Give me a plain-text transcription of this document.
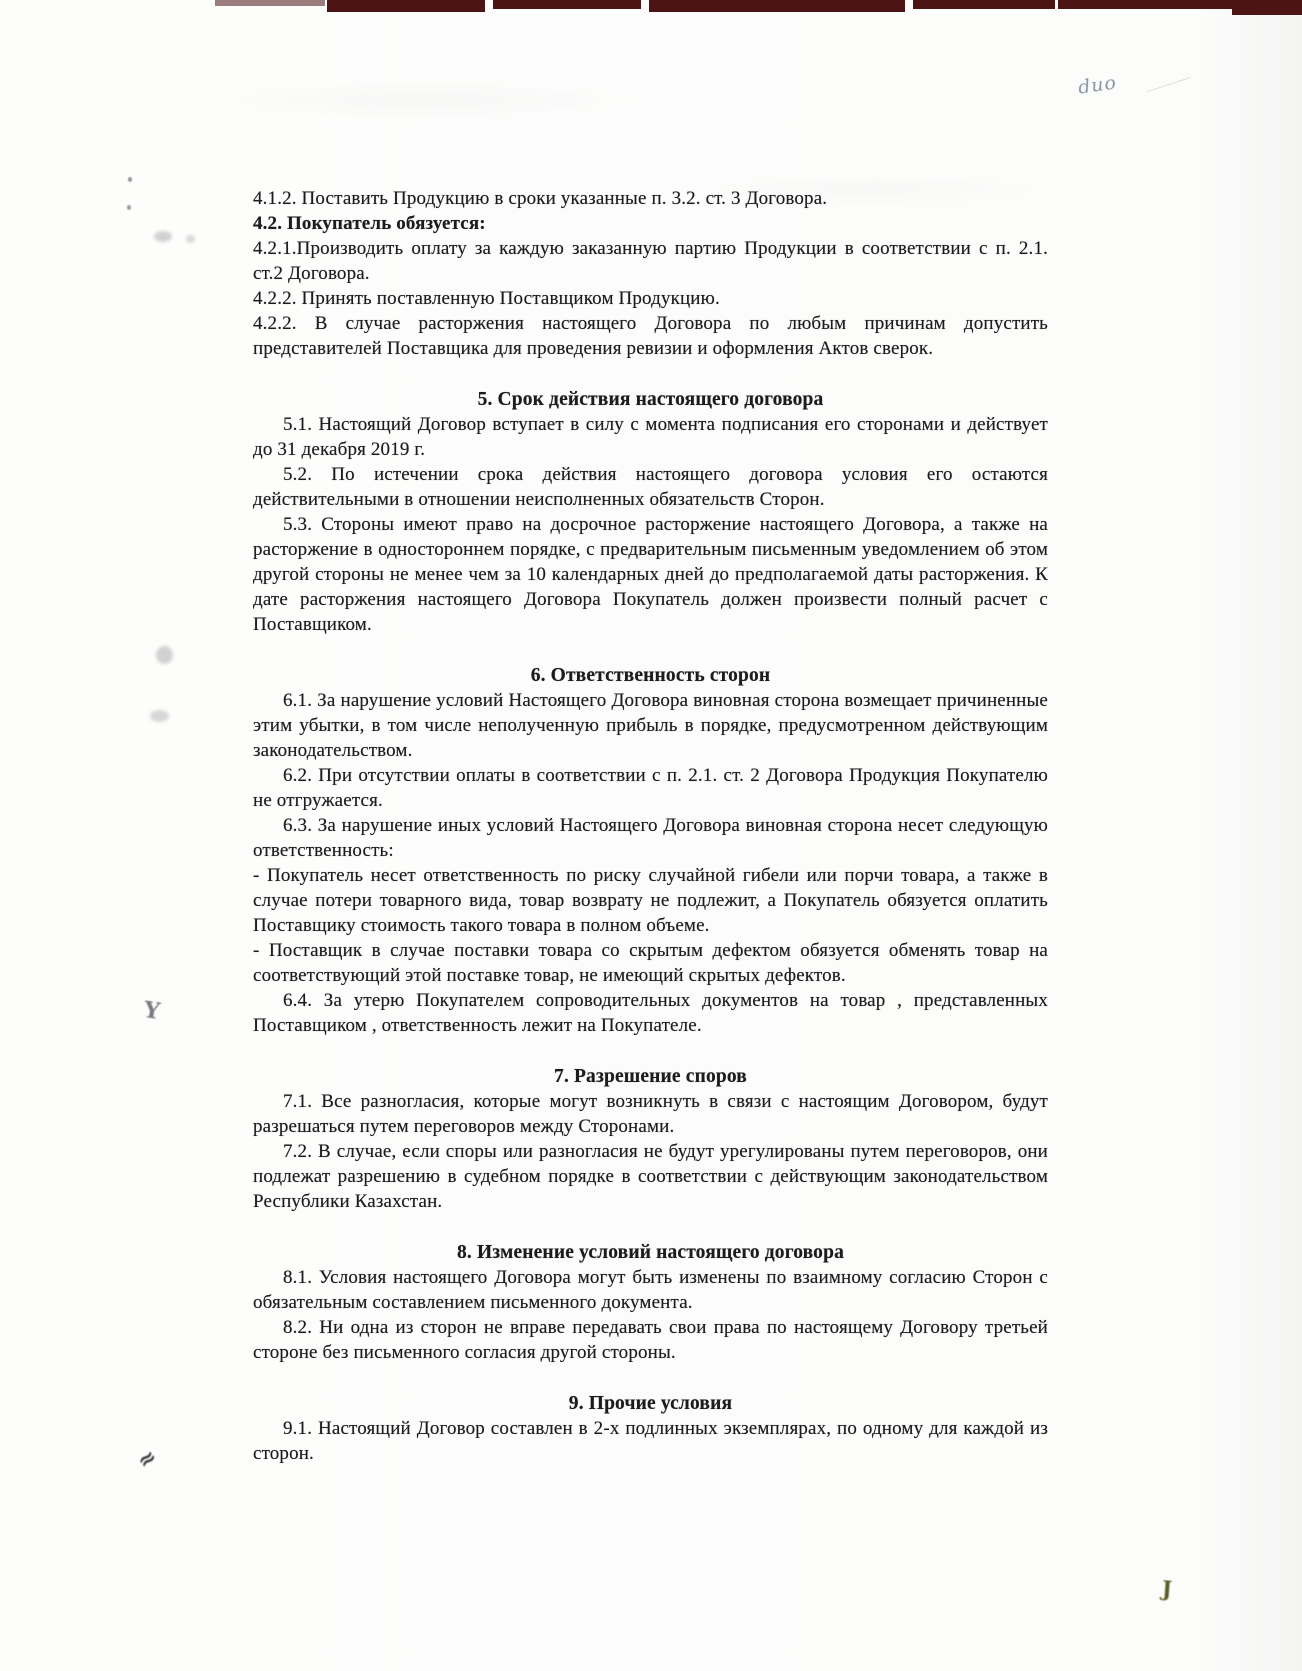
duo
Y
≈
J

4.1.2. Поставить Продукцию в сроки указанные п. 3.2. ст. 3 Договора.

4.2. Покупатель обязуется:

4.2.1.Производить оплату за каждую заказанную партию Продукции в соответствии с п. 2.1. ст.2 Договора.

4.2.2. Принять поставленную Поставщиком Продукцию.

4.2.2. В случае расторжения настоящего Договора по любым причинам допустить представителей Поставщика для проведения ревизии и оформления Актов сверок.

5. Срок действия настоящего договора

5.1. Настоящий Договор вступает в силу с момента подписания его сторонами и действует до 31 декабря 2019 г.

5.2. По истечении срока действия настоящего договора условия его остаются действительными в отношении неисполненных обязательств Сторон.

5.3. Стороны имеют право на досрочное расторжение настоящего Договора, а также на расторжение в одностороннем порядке, с предварительным письменным уведомлением об этом другой стороны не менее чем за 10 календарных дней до предполагаемой даты расторжения. К дате расторжения настоящего Договора Покупатель должен произвести полный расчет с Поставщиком.

6. Ответственность сторон

6.1. За нарушение условий Настоящего Договора виновная сторона возмещает причиненные этим убытки, в том числе неполученную прибыль в порядке, предусмотренном действующим законодательством.

6.2. При отсутствии оплаты в соответствии с п. 2.1. ст. 2 Договора Продукция Покупателю не отгружается.

6.3. За нарушение иных условий Настоящего Договора виновная сторона несет следующую ответственность:

- Покупатель несет ответственность по риску случайной гибели или порчи товара, а также в случае потери товарного вида, товар возврату не подлежит, а Покупатель обязуется оплатить Поставщику стоимость такого товара в полном объеме.

- Поставщик в случае поставки товара со скрытым дефектом обязуется обменять товар на соответствующий этой поставке товар, не имеющий скрытых дефектов.

6.4. За утерю Покупателем сопроводительных документов на товар , представленных Поставщиком , ответственность лежит на Покупателе.

7. Разрешение споров

7.1. Все разногласия, которые могут возникнуть в связи с настоящим Договором, будут разрешаться путем переговоров между Сторонами.

7.2. В случае, если споры или разногласия не будут урегулированы путем переговоров, они подлежат разрешению в судебном порядке в соответствии с действующим законодательством Республики Казахстан.

8. Изменение условий настоящего договора

8.1. Условия настоящего Договора могут быть изменены по взаимному согласию Сторон с обязательным составлением письменного документа.

8.2. Ни одна из сторон не вправе передавать свои права по настоящему Договору третьей стороне без письменного согласия другой стороны.

9. Прочие условия

9.1. Настоящий Договор составлен в 2-х подлинных экземплярах, по одному для каждой из сторон.
